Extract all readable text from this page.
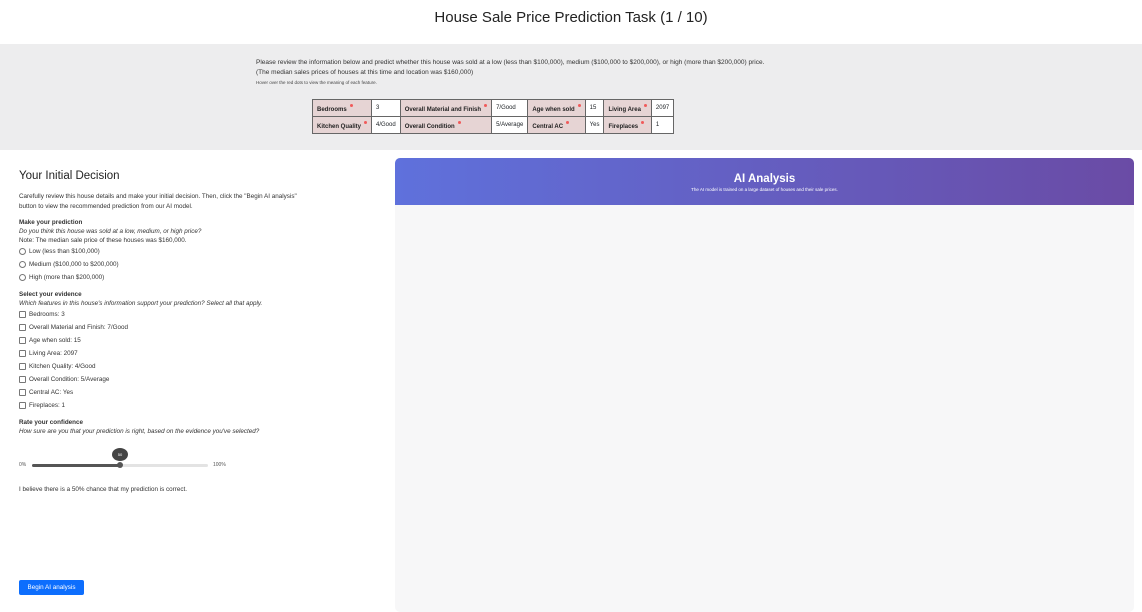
House Sale Price Prediction Task (1 / 10)
Please review the information below and predict whether this house was sold at a low (less than $100,000), medium ($100,000 to $200,000), or high (more than $200,000) price. (The median sales prices of houses at this time and location was $160,000)
Hover over the red dots to view the meaning of each feature.
Bedrooms	3	Overall Material and Finish	7/Good	Age when sold	15	Living Area	2097
Kitchen Quality	4/Good	Overall Condition	5/Average	Central AC	Yes	Fireplaces	1
Your Initial Decision
Carefully review this house details and make your initial decision. Then, click the "Begin AI analysis" button to view the recommended prediction from our AI model.
Make your prediction
Do you think this house was sold at a low, medium, or high price?
Note: The median sale price of these houses was $160,000.
Low (less than $100,000)
Medium ($100,000 to $200,000)
High (more than $200,000)
Select your evidence
Which features in this house's information support your prediction? Select all that apply.
Bedrooms: 3
Overall Material and Finish: 7/Good
Age when sold: 15
Living Area: 2097
Kitchen Quality: 4/Good
Overall Condition: 5/Average
Central AC: Yes
Fireplaces: 1
Rate your confidence
How sure are you that your prediction is right, based on the evidence you've selected?
0%
50
100%
I believe there is a 50% chance that my prediction is correct.
Begin AI analysis
AI Analysis
The AI model is trained on a large dataset of houses and their sale prices.
